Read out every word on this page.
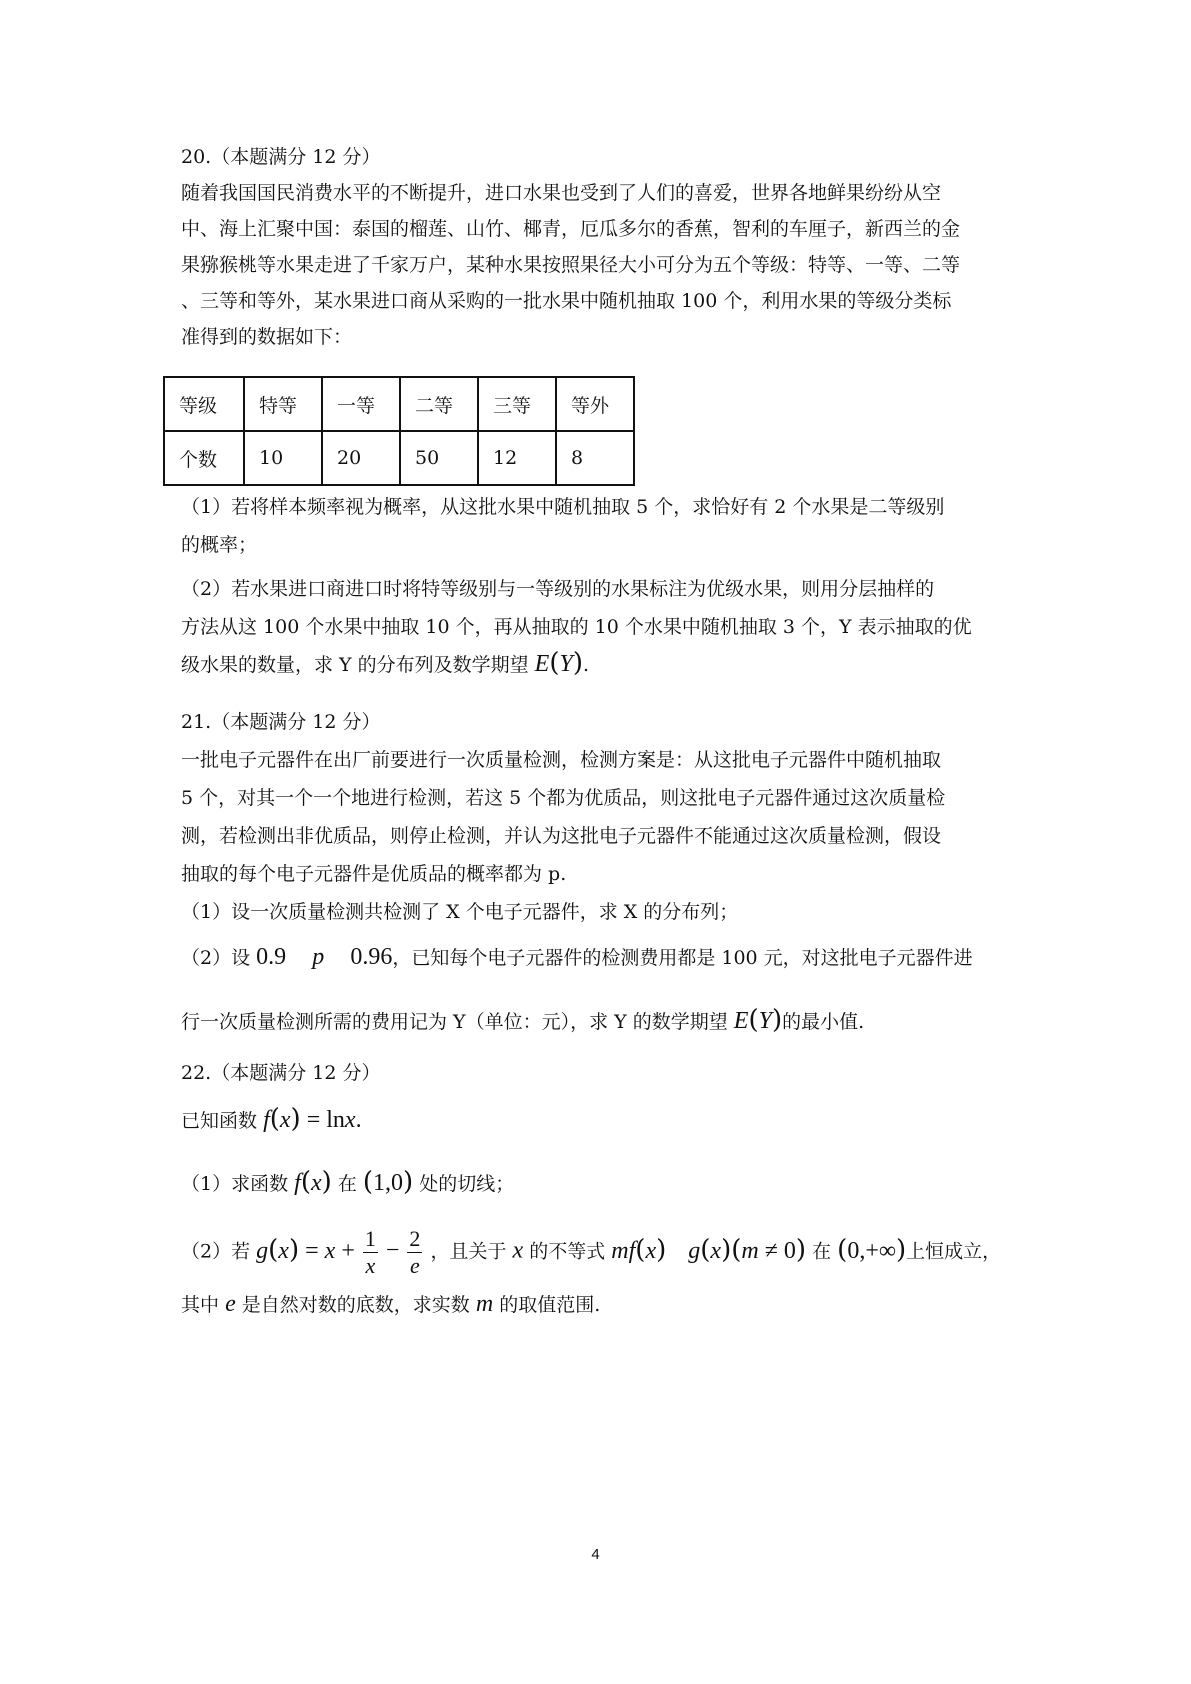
20.（本题满分 12 分）
随着我国国民消费水平的不断提升，进口水果也受到了人们的喜爱，世界各地鲜果纷纷从空
中、海上汇聚中国：泰国的榴莲、山竹、椰青，厄瓜多尔的香蕉，智利的车厘子，新西兰的金
果猕猴桃等水果走进了千家万户，某种水果按照果径大小可分为五个等级：特等、一等、二等
、三等和等外，某水果进口商从采购的一批水果中随机抽取 100 个，利用水果的等级分类标
准得到的数据如下：
等级	特等	一等	二等	三等	等外
个数	10	20	50	12	8
（1）若将样本频率视为概率，从这批水果中随机抽取 5 个，求恰好有 2 个水果是二等级别
的概率；
（2）若水果进口商进口时将特等级别与一等级别的水果标注为优级水果，则用分层抽样的
方法从这 100 个水果中抽取 10 个，再从抽取的 10 个水果中随机抽取 3 个，Y 表示抽取的优
级水果的数量，求 Y 的分布列及数学期望 E(Y).
21.（本题满分 12 分）
一批电子元器件在出厂前要进行一次质量检测，检测方案是：从这批电子元器件中随机抽取
5 个，对其一个一个地进行检测，若这 5 个都为优质品，则这批电子元器件通过这次质量检
测，若检测出非优质品，则停止检测，并认为这批电子元器件不能通过这次质量检测，假设
抽取的每个电子元器件是优质品的概率都为 p.
（1）设一次质量检测共检测了 X 个电子元器件，求 X 的分布列；
（2）设 0.9 p 0.96，已知每个电子元器件的检测费用都是 100 元，对这批电子元器件进
行一次质量检测所需的费用记为 Y（单位：元），求 Y 的数学期望 E(Y)的最小值.
22.（本题满分 12 分）
已知函数 f(x) = lnx.
（1）求函数 f(x) 在 (1,0) 处的切线；
（2）若 $g(x) = x + \frac{1}{x} - \frac{2}{e}$ ，且关于 x 的不等式 mf(x) g(x)(m ≠ 0) 在 (0,+∞)上恒成立，
其中 e 是自然对数的底数，求实数 m 的取值范围.
4
